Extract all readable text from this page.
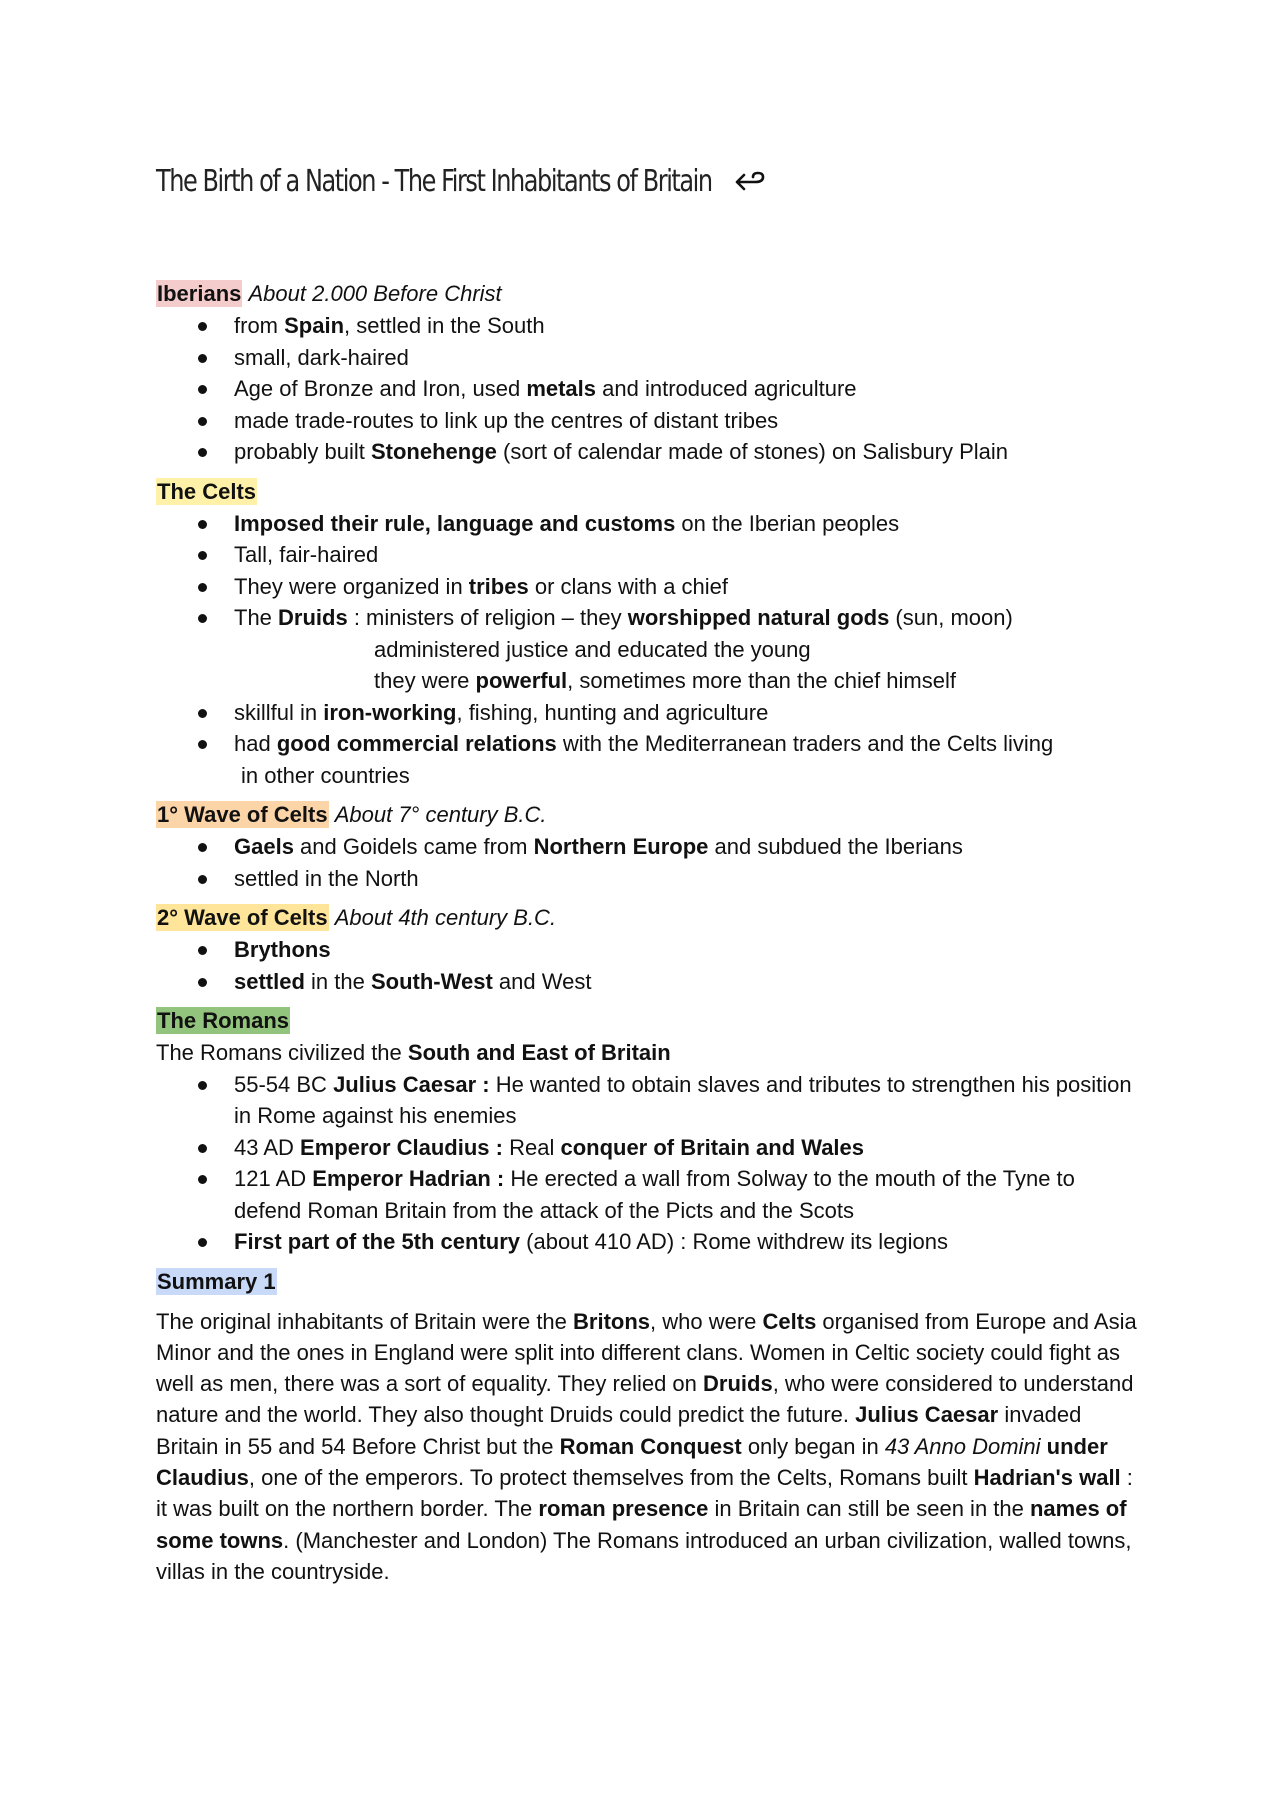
The Birth of a Nation - The First Inhabitants of Britain
Iberians About 2.000 Before Christ
from Spain, settled in the South
small, dark-haired
Age of Bronze and Iron, used metals and introduced agriculture
made trade-routes to link up the centres of distant tribes
probably built Stonehenge (sort of calendar made of stones) on Salisbury Plain
The Celts
Imposed their rule, language and customs on the Iberian peoples
Tall, fair-haired
They were organized in tribes or clans with a chief
The Druids : ministers of religion – they worshipped natural gods (sun, moon)
administered justice and educated the young
they were powerful, sometimes more than the chief himself
skillful in iron-working, fishing, hunting and agriculture
had good commercial relations with the Mediterranean traders and the Celts living
in other countries
1° Wave of Celts About 7° century B.C.
Gaels and Goidels came from Northern Europe and subdued the Iberians
settled in the North
2° Wave of Celts About 4th century B.C.
Brythons
settled in the South-West and West
The Romans
The Romans civilized the South and East of Britain
55-54 BC Julius Caesar : He wanted to obtain slaves and tributes to strengthen his position in Rome against his enemies
43 AD Emperor Claudius : Real conquer of Britain and Wales
121 AD Emperor Hadrian : He erected a wall from Solway to the mouth of the Tyne to defend Roman Britain from the attack of the Picts and the Scots
First part of the 5th century (about 410 AD) : Rome withdrew its legions
Summary 1

The original inhabitants of Britain were the Britons, who were Celts organised from Europe and Asia Minor and the ones in England were split into different clans. Women in Celtic society could fight as well as men, there was a sort of equality. They relied on Druids, who were considered to understand nature and the world. They also thought Druids could predict the future. Julius Caesar invaded Britain in 55 and 54 Before Christ but the Roman Conquest only began in 43 Anno Domini under Claudius, one of the emperors. To protect themselves from the Celts, Romans built Hadrian's wall : it was built on the northern border. The roman presence in Britain can still be seen in the names of some towns. (Manchester and London) The Romans introduced an urban civilization, walled towns, villas in the countryside.
